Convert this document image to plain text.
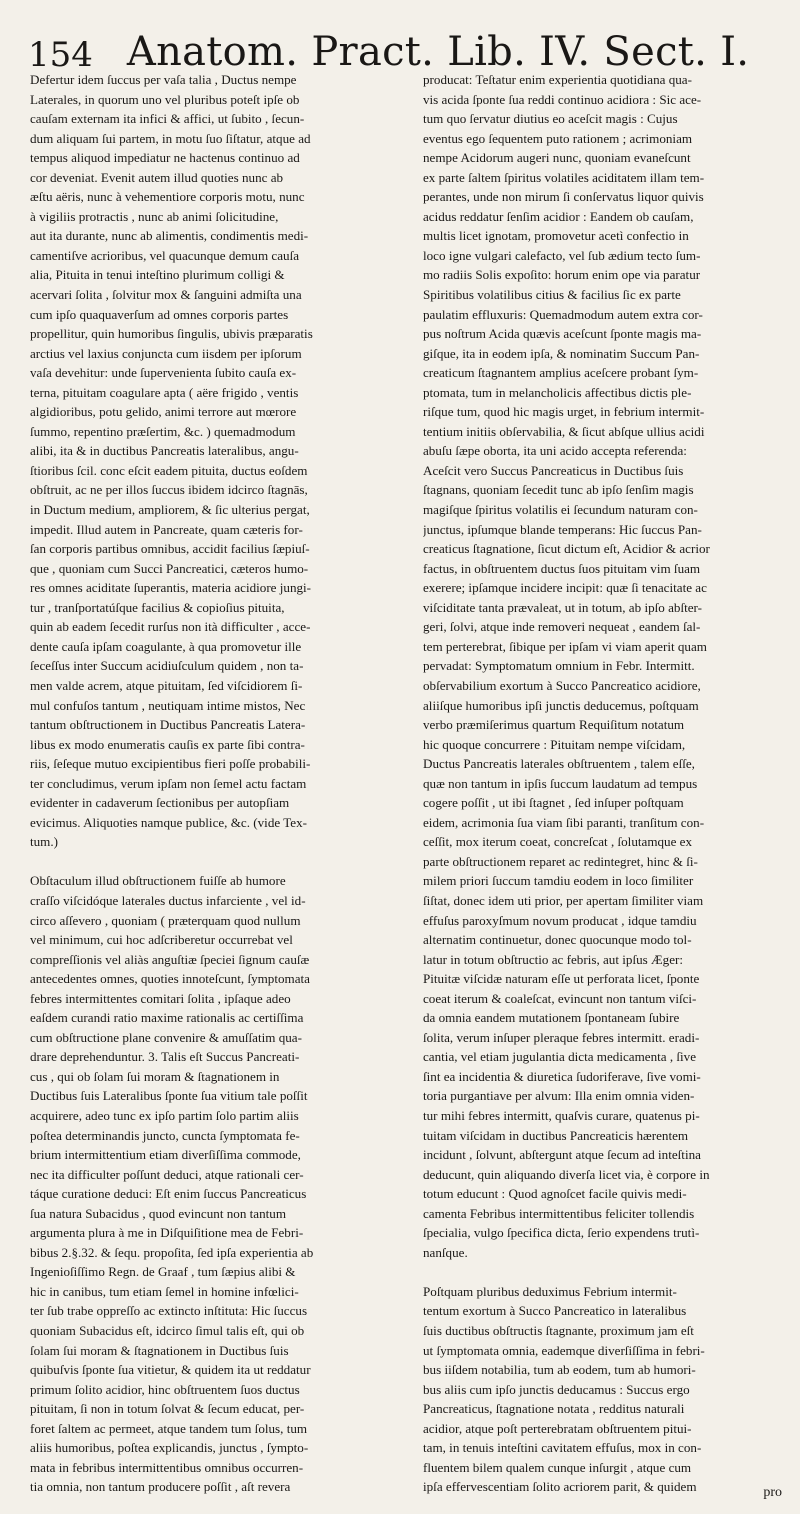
154 Anatom. Pract. Lib. IV. Sect. I.
Defertur idem ſuccus per vaſa talia , Ductus nempe
Laterales, in quorum uno vel pluribus poteſt ipſe ob
cauſam externam ita infici & affici, ut ſubito , ſecun-
dum aliquam ſui partem, in motu ſuo ſiſtatur, atque ad
tempus aliquod impediatur ne hactenus continuo ad
cor deveniat. Evenit autem illud quoties nunc ab
æſtu aëris, nunc à vehementiore corporis motu, nunc
à vigiliis protractis , nunc ab animi ſolicitudine,
aut ita durante, nunc ab alimentis, condimentis medi-
camentiſve acrioribus, vel quacunque demum cauſa
alia, Pituita in tenui inteſtino plurimum colligi &
acervari ſolita , ſolvitur mox & ſanguini admiſta una
cum ipſo quaquaverſum ad omnes corporis partes
propellitur, quin humoribus ſingulis, ubivis præparatis
arctius vel laxius conjuncta cum iisdem per ipſorum
vaſa devehitur: unde ſupervenienta ſubito cauſa ex-
terna, pituitam coagulare apta ( aëre frigido , ventis
algidioribus, potu gelido, animi terrore aut mœrore
ſummo, repentino præſertim, &c. ) quemadmodum
alibi, ita & in ductibus Pancreatis lateralibus, angu-
ſtioribus ſcil. conc eſcit eadem pituita, ductus eoſdem
obſtruit, ac ne per illos ſuccus ibidem idcirco ſtagnās,
in Ductum medium, ampliorem, & ſic ulterius pergat,
impedit. Illud autem in Pancreate, quam cæteris for-
ſan corporis partibus omnibus, accidit facilius ſæpiuſ-
que , quoniam cum Succi Pancreatici, cæteros humo-
res omnes aciditate ſuperantis, materia acidiore jungi-
tur , tranſportatúſque facilius & copioſius pituita,
quin ab eadem ſecedit rurſus non ità difficulter , acce-
dente cauſa ipſam coagulante, à qua promovetur ille
ſeceſſus inter Succum acidiuſculum quidem , non ta-
men valde acrem, atque pituitam, ſed viſcidiorem ſi-
mul confuſos tantum , neutiquam intime mistos, Nec
tantum obſtructionem in Ductibus Pancreatis Latera-
libus ex modo enumeratis cauſis ex parte ſibi contra-
riis, ſeſeque mutuo excipientibus fieri poſſe probabili-
ter concludimus, verum ipſam non ſemel actu factam
evidenter in cadaverum ſectionibus per autopſiam
evicimus. Aliquoties namque publice, &c. (vide Tex-
tum.)
Obſtaculum illud obſtructionem fuiſſe ab humore
craſſo viſcidóque laterales ductus infarciente , vel id-
circo aſſevero , quoniam ( præterquam quod nullum
vel minimum, cui hoc adſcriberetur occurrebat vel
compreſſionis vel aliàs anguſtiæ ſpeciei ſignum cauſæ
antecedentes omnes, quoties innoteſcunt, ſymptomata
febres intermittentes comitari ſolita , ipſaque adeo
eaſdem curandi ratio maxime rationalis ac certiſſima
cum obſtructione plane convenire & amuſſatim qua-
drare deprehenduntur. 3. Talis eſt Succus Pancreati-
cus , qui ob ſolam ſui moram & ſtagnationem in
Ductibus ſuis Lateralibus ſponte ſua vitium tale poſſit
acquirere, adeo tunc ex ipſo partim ſolo partim aliis
poſtea determinandis juncto, cuncta ſymptomata fe-
brium intermittentium etiam diverſiſſima commode,
nec ita difficulter poſſunt deduci, atque rationali cer-
táque curatione deduci: Eſt enim ſuccus Pancreaticus
ſua natura Subacidus , quod evincunt non tantum
argumenta plura à me in Diſquiſitione mea de Febri-
bibus 2.§.32. & ſequ. propoſita, ſed ipſa experientia ab
Ingenioſiſſimo Regn. de Graaf , tum ſæpius alibi &
hic in canibus, tum etiam ſemel in homine infœlici-
ter ſub trabe oppreſſo ac extincto inſtituta: Hic ſuccus
quoniam Subacidus eſt, idcirco ſimul talis eſt, qui ob
ſolam ſui moram & ſtagnationem in Ductibus ſuis
quibuſvis ſponte ſua vitietur, & quidem ita ut reddatur
primum ſolito acidior, hinc obſtruentem ſuos ductus
pituitam, ſi non in totum ſolvat & ſecum educat, per-
foret ſaltem ac permeet, atque tandem tum ſolus, tum
aliis humoribus, poſtea explicandis, junctus , ſympto-
mata in febribus intermittentibus omnibus occurren-
tia omnia, non tantum producere poſſit , aſt revera
producat: Teſtatur enim experientia quotidiana qua-
vis acida ſponte ſua reddi continuo acidiora : Sic ace-
tum quo ſervatur diutius eo aceſcit magis : Cujus
eventus ego ſequentem puto rationem ; acrimoniam
nempe Acidorum augeri nunc, quoniam evaneſcunt
ex parte ſaltem ſpiritus volatiles aciditatem illam tem-
perantes, unde non mirum ſi conſervatus liquor quivis
acidus reddatur ſenſim acidior : Eandem ob cauſam,
multis licet ignotam, promovetur acetì confectio in
loco igne vulgari calefacto, vel ſub ædium tecto ſum-
mo radiis Solis expoſito: horum enim ope via paratur
Spiritibus volatilibus citius & facilius ſic ex parte
paulatim effluxuris: Quemadmodum autem extra cor-
pus noſtrum Acida quævis aceſcunt ſponte magis ma-
giſque, ita in eodem ipſa, & nominatim Succum Pan-
creaticum ſtagnantem amplius aceſcere probant ſym-
ptomata, tum in melancholicis affectibus dictis ple-
riſque tum, quod hic magis urget, in febrium intermit-
tentium initiis obſervabilia, & ſicut abſque ullius acidi
abuſu ſæpe oborta, ita uni acido accepta referenda:
Aceſcit vero Succus Pancreaticus in Ductibus ſuis
ſtagnans, quoniam ſecedit tunc ab ipſo ſenſim magis
magiſque ſpiritus volatilis ei ſecundum naturam con-
junctus, ipſumque blande temperans: Hic ſuccus Pan-
creaticus ſtagnatione, ſicut dictum eſt, Acidior & acrior
factus, in obſtruentem ductus ſuos pituitam vim ſuam
exerere; ipſamque incidere incipit: quæ ſi tenacitate ac
viſciditate tanta prævaleat, ut in totum, ab ipſo abſter-
geri, ſolvi, atque inde removeri nequeat , eandem ſal-
tem perterebrat, ſibique per ipſam vi viam aperit quam
pervadat: Symptomatum omnium in Febr. Intermitt.
obſervabilium exortum à Succo Pancreatico acidiore,
aliiſque humoribus ipſi junctis deducemus, poſtquam
verbo præmiſerimus quartum Requiſitum notatum
hic quoque concurrere : Pituitam nempe viſcidam,
Ductus Pancreatis laterales obſtruentem , talem eſſe,
quæ non tantum in ipſis ſuccum laudatum ad tempus
cogere poſſit , ut ibi ſtagnet , ſed inſuper poſtquam
eidem, acrimonia ſua viam ſibi paranti, tranſitum con-
ceſſit, mox iterum coeat, concreſcat , ſolutamque ex
parte obſtructionem reparet ac redintegret, hinc & ſi-
milem priori ſuccum tamdiu eodem in loco ſimiliter
ſiſtat, donec idem uti prior, per apertam ſimiliter viam
effuſus paroxyſmum novum producat , idque tamdiu
alternatim continuetur, donec quocunque modo tol-
latur in totum obſtructio ac febris, aut ipſus Æger:
Pituitæ viſcidæ naturam eſſe ut perforata licet, ſponte
coeat iterum & coaleſcat, evincunt non tantum viſci-
da omnia eandem mutationem ſpontaneam ſubire
ſolita, verum inſuper pleraque febres intermitt. eradi-
cantia, vel etiam jugulantia dicta medicamenta , ſive
ſint ea incidentia & diuretica ſudoriferave, ſive vomi-
toria purgantiave per alvum: Illa enim omnia viden-
tur mihi febres intermitt, quaſvis curare, quatenus pi-
tuitam viſcidam in ductibus Pancreaticis hærentem
incidunt , ſolvunt, abſtergunt atque ſecum ad inteſtina
deducunt, quin aliquando diverſa licet via, è corpore in
totum educunt : Quod agnoſcet facile quivis medi-
camenta Febribus intermittentibus feliciter tollendis
ſpecialia, vulgo ſpecifica dicta, ſerio expendens trutì-
nanſque.
Poſtquam pluribus deduximus Febrium intermit-
tentum exortum à Succo Pancreatico in lateralibus
ſuis ductibus obſtructis ſtagnante, proximum jam eſt
ut ſymptomata omnia, eademque diverſiſſima in febri-
bus iiſdem notabilia, tum ab eodem, tum ab humori-
bus aliis cum ipſo junctis deducamus : Succus ergo
Pancreaticus, ſtagnatione notata , redditus naturali
acidior, atque poſt perterebratam obſtruentem pitui-
tam, in tenuis inteſtini cavitatem effuſus, mox in con-
fluentem bilem qualem cunque inſurgit , atque cum
ipſa effervescentiam ſolito acriorem parit, & quidem	pro
